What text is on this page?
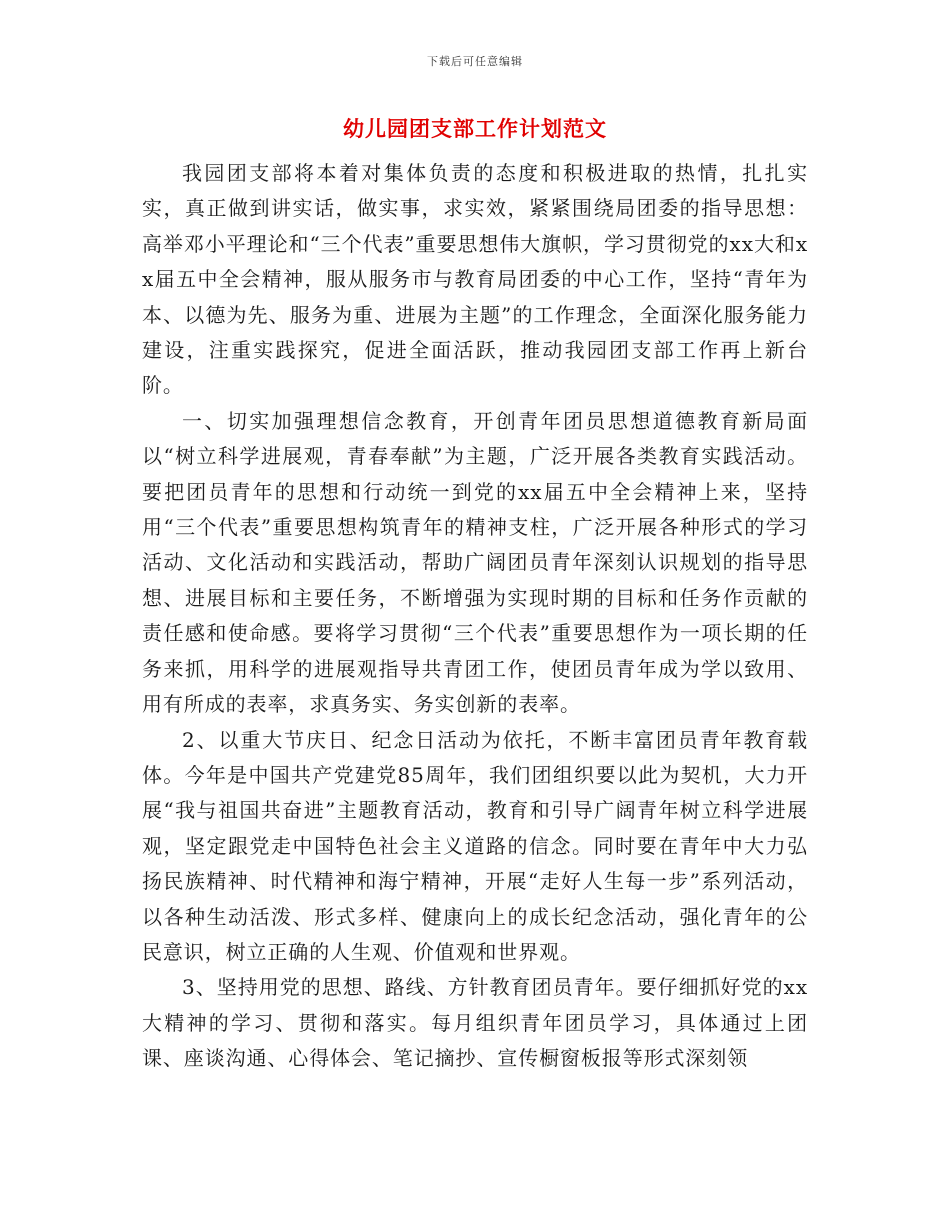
下载后可任意编辑
幼儿园团支部工作计划范文

我园团支部将本着对集体负责的态度和积极进取的热情，扎扎实实，真正做到讲实话，做实事，求实效，紧紧围绕局团委的指导思想：高举邓小平理论和“三个代表”重要思想伟大旗帜，学习贯彻党的xx大和xx届五中全会精神，服从服务市与教育局团委的中心工作，坚持“青年为本、以德为先、服务为重、进展为主题”的工作理念，全面深化服务能力建设，注重实践探究，促进全面活跃，推动我园团支部工作再上新台阶。

一、切实加强理想信念教育，开创青年团员思想道德教育新局面以“树立科学进展观，青春奉献”为主题，广泛开展各类教育实践活动。要把团员青年的思想和行动统一到党的xx届五中全会精神上来，坚持用“三个代表”重要思想构筑青年的精神支柱，广泛开展各种形式的学习活动、文化活动和实践活动，帮助广阔团员青年深刻认识规划的指导思想、进展目标和主要任务，不断增强为实现时期的目标和任务作贡献的责任感和使命感。要将学习贯彻“三个代表”重要思想作为一项长期的任务来抓，用科学的进展观指导共青团工作，使团员青年成为学以致用、用有所成的表率，求真务实、务实创新的表率。

2、以重大节庆日、纪念日活动为依托，不断丰富团员青年教育载体。今年是中国共产党建党85周年，我们团组织要以此为契机，大力开展“我与祖国共奋进”主题教育活动，教育和引导广阔青年树立科学进展观，坚定跟党走中国特色社会主义道路的信念。同时要在青年中大力弘扬民族精神、时代精神和海宁精神，开展“走好人生每一步”系列活动，以各种生动活泼、形式多样、健康向上的成长纪念活动，强化青年的公民意识，树立正确的人生观、价值观和世界观。

3、坚持用党的思想、路线、方针教育团员青年。要仔细抓好党的xx大精神的学习、贯彻和落实。每月组织青年团员学习，具体通过上团课、座谈沟通、心得体会、笔记摘抄、宣传橱窗板报等形式深刻领
